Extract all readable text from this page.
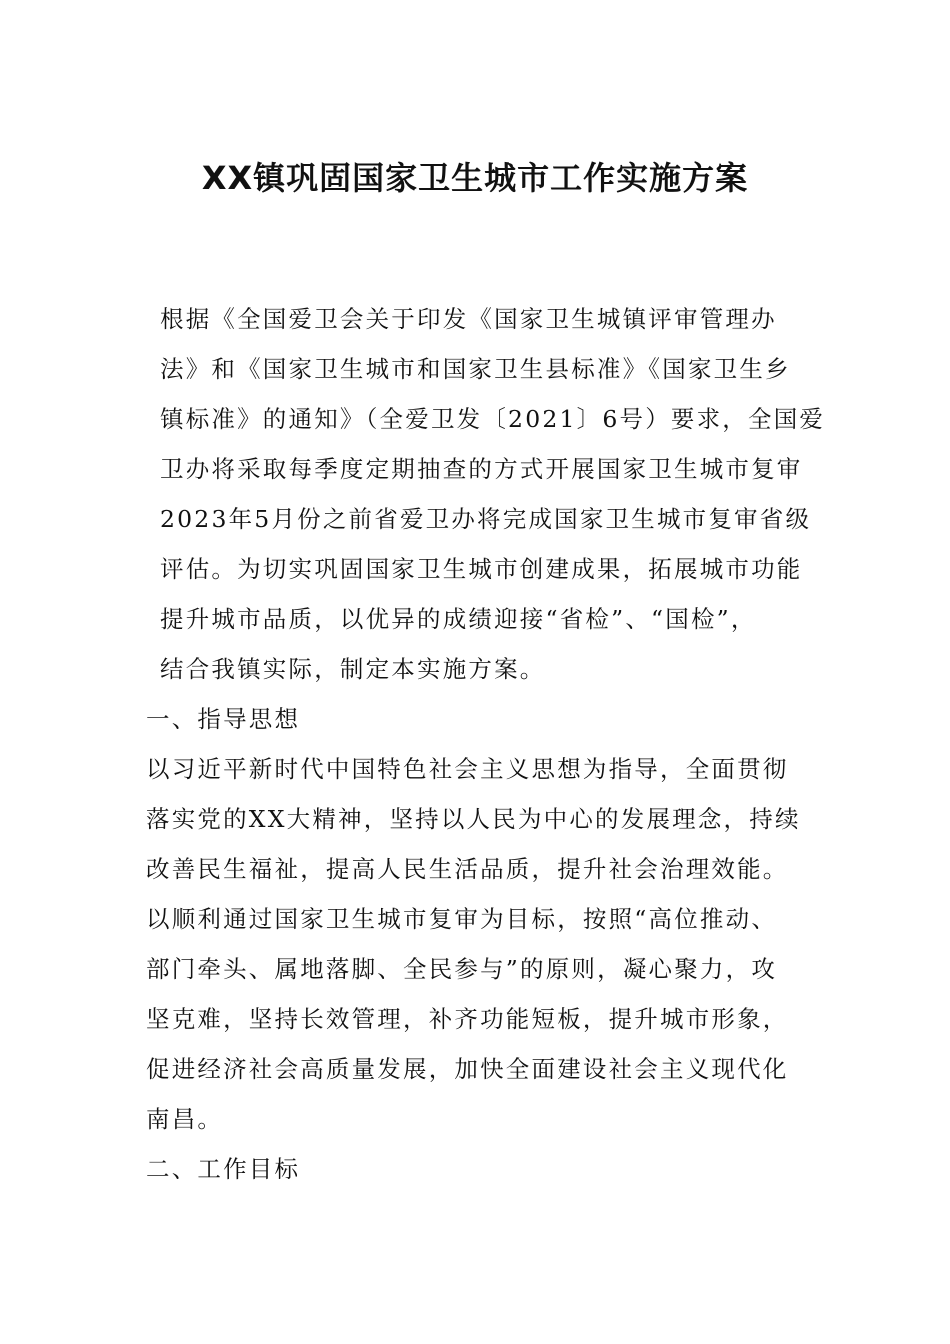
XX镇巩固国家卫生城市工作实施方案

根据《全国爱卫会关于印发《国家卫生城镇评审管理办
法》和《国家卫生城市和国家卫生县标准》《国家卫生乡
镇标准》的通知》（全爱卫发〔2021〕6号）要求，全国爱
卫办将采取每季度定期抽查的方式开展国家卫生城市复审
2023年5月份之前省爱卫办将完成国家卫生城市复审省级
评估。为切实巩固国家卫生城市创建成果，拓展城市功能
提升城市品质，以优异的成绩迎接“省检”、“国检”，
结合我镇实际，制定本实施方案。

一、指导思想

以习近平新时代中国特色社会主义思想为指导，全面贯彻
落实党的XX大精神，坚持以人民为中心的发展理念，持续
改善民生福祉，提高人民生活品质，提升社会治理效能。
以顺利通过国家卫生城市复审为目标，按照“高位推动、
部门牵头、属地落脚、全民参与”的原则，凝心聚力，攻
坚克难，坚持长效管理，补齐功能短板，提升城市形象，
促进经济社会高质量发展，加快全面建设社会主义现代化
南昌。

二、工作目标
